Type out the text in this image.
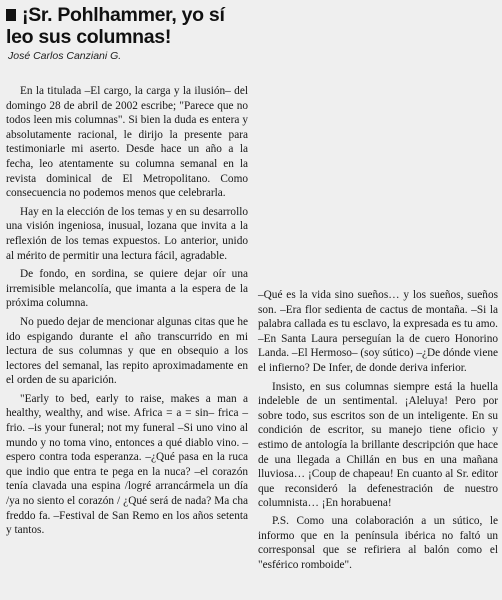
¡Sr. Pohlhammer, yo sí leo sus columnas!
José Carlos Canziani G.

En la titulada –El cargo, la carga y la ilusión– del domingo 28 de abril de 2002 escribe; "Parece que no todos leen mis columnas". Si bien la duda es entera y absolutamente racional, le dirijo la presente para testimoniarle mi aserto. Desde hace un año a la fecha, leo atentamente su columna semanal en la revista dominical de El Metropolitano. Como consecuencia no podemos menos que celebrarla.

Hay en la elección de los temas y en su desarrollo una visión ingeniosa, inusual, lozana que invita a la reflexión de los temas expuestos. Lo anterior, unido al mérito de permitir una lectura fácil, agradable.

De fondo, en sordina, se quiere dejar oír una irremisible melancolía, que imanta a la espera de la próxima columna.

No puedo dejar de mencionar algunas citas que he ido espigando durante el año transcurrido en mi lectura de sus columnas y que en obsequio a los lectores del semanal, las repito aproximadamente en el orden de su aparición.

"Early to bed, early to raise, makes a man a healthy, wealthy, and wise. Africa = a = sin– frica – frio. –is your funeral; not my funeral –Si uno vino al mundo y no toma vino, entonces a qué diablo vino. –espero contra toda esperanza. –¿Qué pasa en la ruca que indio que entra te pega en la nuca? –el corazón tenía clavada una espina /logré arrancármela un día /ya no siento el corazón / ¿Qué será de nada? Ma cha freddo fa. –Festival de San Remo en los años setenta y tantos.

–Qué es la vida sino sueños… y los sueños, sueños son. –Era flor sedienta de cactus de montaña. –Si la palabra callada es tu esclavo, la expresada es tu amo. –En Santa Laura perseguían la de cuero Honorino Landa. –El Hermoso– (soy sútico) –¿De dónde viene el infierno? De Infer, de donde deriva inferior.

Insisto, en sus columnas siempre está la huella indeleble de un sentimental. ¡Aleluya! Pero por sobre todo, sus escritos son de un inteligente. En su condición de escritor, su manejo tiene oficio y estimo de antología la brillante descripción que hace de una llegada a Chillán en bus en una mañana lluviosa… ¡Coup de chapeau! En cuanto al Sr. editor que reconsideró la defenestración de nuestro columnista… ¡En horabuena!

P.S. Como una colaboración a un sútico, le informo que en la península ibérica no faltó un corresponsal que se refiriera al balón como el "esférico romboide".
